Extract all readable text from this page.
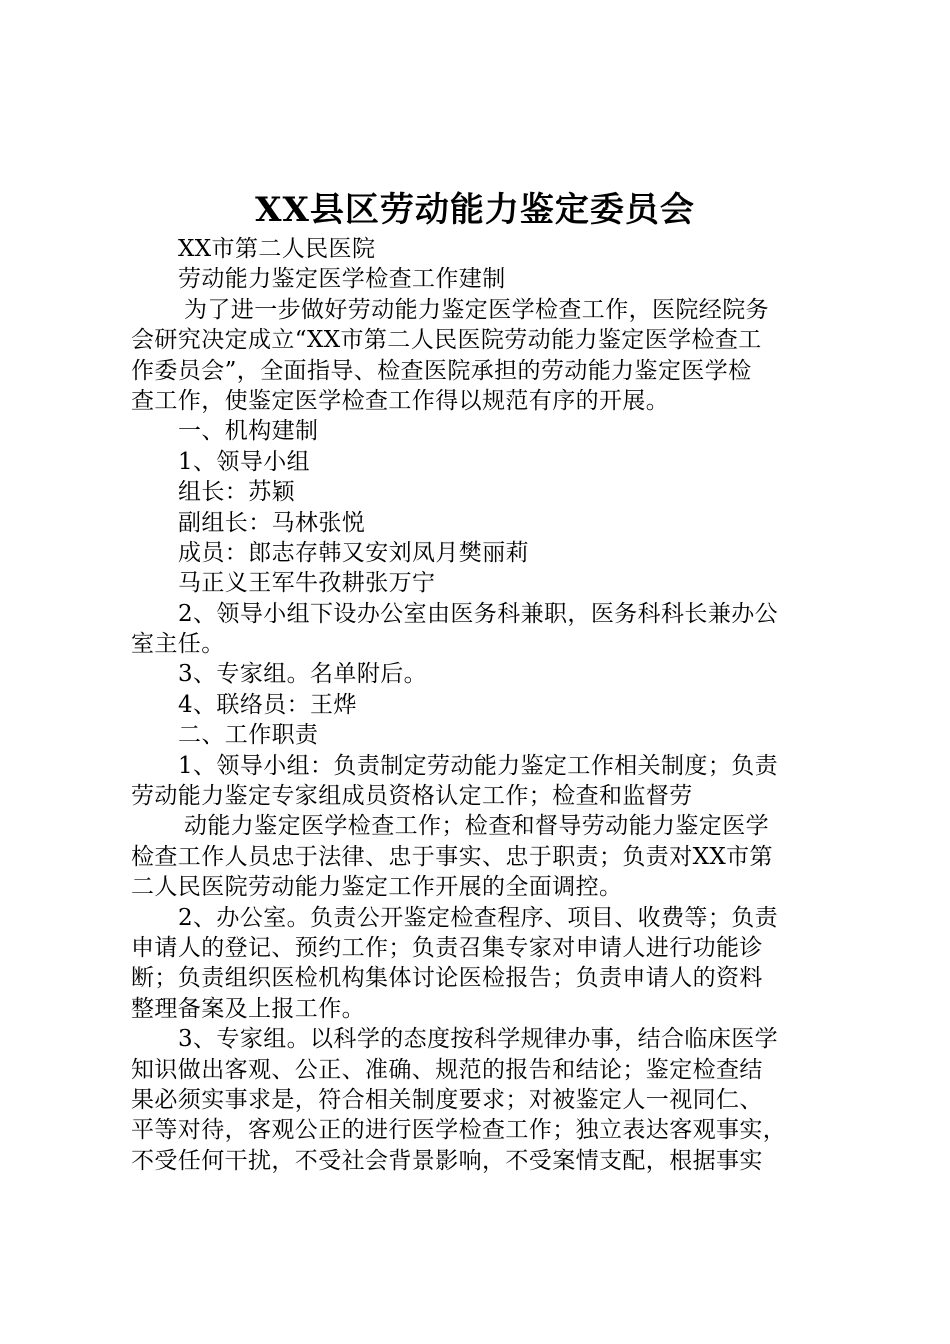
XX县区劳动能力鉴定委员会
XX市第二人民医院
劳动能力鉴定医学检查工作建制
为了进一步做好劳动能力鉴定医学检查工作，医院经院务
会研究决定成立“XX市第二人民医院劳动能力鉴定医学检查工
作委员会”，全面指导、检查医院承担的劳动能力鉴定医学检
查工作，使鉴定医学检查工作得以规范有序的开展。
一、机构建制
1、领导小组
组长：苏颖
副组长：马林张悦
成员：郎志存韩又安刘凤月樊丽莉
马正义王军牛孜耕张万宁
2、领导小组下设办公室由医务科兼职，医务科科长兼办公
室主任。
3、专家组。名单附后。
4、联络员：王烨
二、工作职责
1、领导小组：负责制定劳动能力鉴定工作相关制度；负责
劳动能力鉴定专家组成员资格认定工作；检查和监督劳
动能力鉴定医学检查工作；检查和督导劳动能力鉴定医学
检查工作人员忠于法律、忠于事实、忠于职责；负责对XX市第
二人民医院劳动能力鉴定工作开展的全面调控。
2、办公室。负责公开鉴定检查程序、项目、收费等；负责
申请人的登记、预约工作；负责召集专家对申请人进行功能诊
断；负责组织医检机构集体讨论医检报告；负责申请人的资料
整理备案及上报工作。
3、专家组。以科学的态度按科学规律办事，结合临床医学
知识做出客观、公正、准确、规范的报告和结论；鉴定检查结
果必须实事求是，符合相关制度要求；对被鉴定人一视同仁、
平等对待，客观公正的进行医学检查工作；独立表达客观事实，
不受任何干扰，不受社会背景影响，不受案情支配，根据事实
